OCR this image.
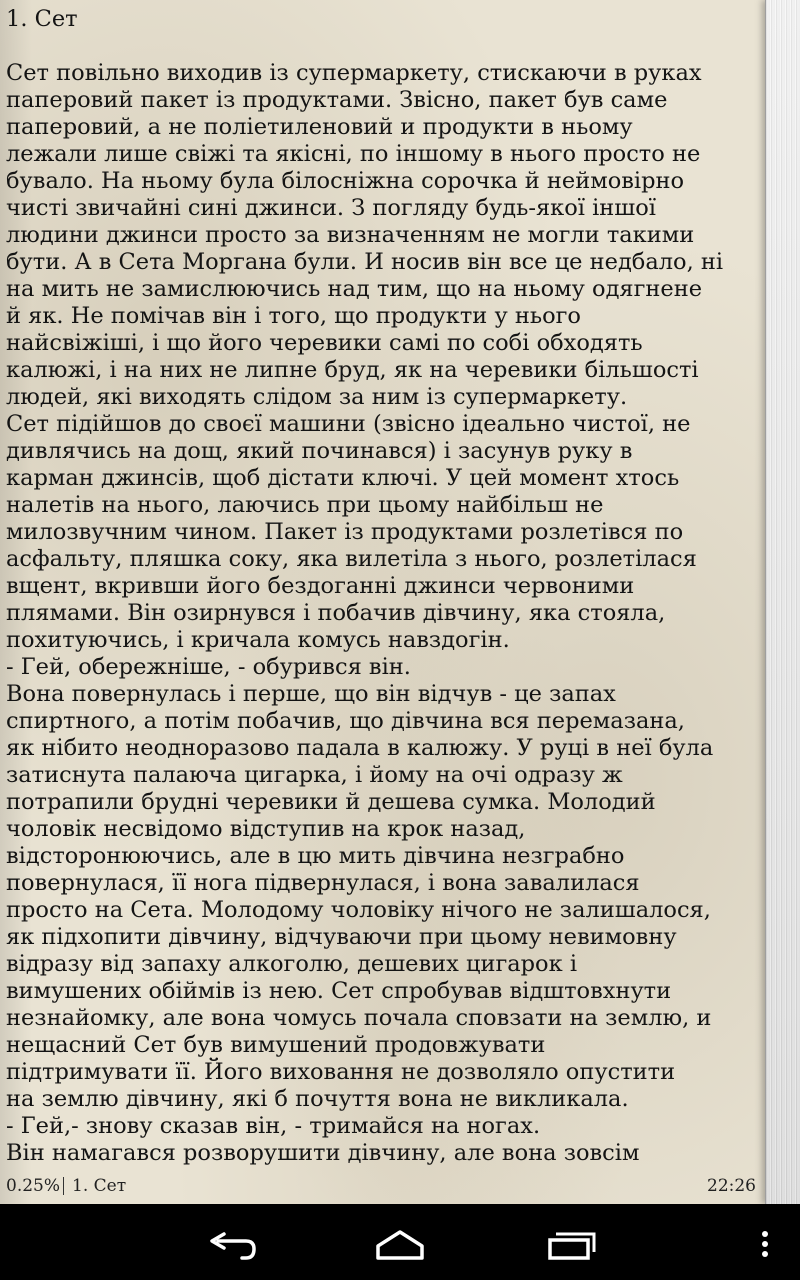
1. Сет
Сет повільно виходив із супермаркету, стискаючи в руках
паперовий пакет із продуктами. Звісно, пакет був саме
паперовий, а не поліетиленовий и продукти в ньому
лежали лише свіжі та якісні, по іншому в нього просто не
бувало. На ньому була білосніжна сорочка й неймовірно
чисті звичайні сині джинси. З погляду будь-якої іншої
людини джинси просто за визначенням не могли такими
бути. А в Сета Моргана були. И носив він все це недбало, ні
на мить не замислюючись над тим, що на ньому одягнене
й як. Не помічав він і того, що продукти у нього
найсвіжіші, і що його черевики самі по собі обходять
калюжі, і на них не липне бруд, як на черевики більшості
людей, які виходять слідом за ним із супермаркету.
Сет підійшов до своєї машини (звісно ідеально чистої, не
дивлячись на дощ, який починався) і засунув руку в
карман джинсів, щоб дістати ключі. У цей момент хтось
налетів на нього, лаючись при цьому найбільш не
милозвучним чином. Пакет із продуктами розлетівся по
асфальту, пляшка соку, яка вилетіла з нього, розлетілася
вщент, вкривши його бездоганні джинси червоними
плямами. Він озирнувся і побачив дівчину, яка стояла,
похитуючись, і кричала комусь навздогін.
- Гей, обережніше, - обурився він.
Вона повернулась і перше, що він відчув - це запах
спиртного, а потім побачив, що дівчина вся перемазана,
як нібито неодноразово падала в калюжу. У руці в неї була
затиснута палаюча цигарка, і йому на очі одразу ж
потрапили брудні черевики й дешева сумка. Молодий
чоловік несвідомо відступив на крок назад,
відсторонюючись, але в цю мить дівчина незграбно
повернулася, її нога підвернулася, і вона завалилася
просто на Сета. Молодому чоловіку нічого не залишалося,
як підхопити дівчину, відчуваючи при цьому невимовну
відразу від запаху алкоголю, дешевих цигарок і
вимушених обіймів із нею. Сет спробував відштовхнути
незнайомку, але вона чомусь почала сповзати на землю, и
нещасний Сет був вимушений продовжувати
підтримувати її. Його виховання не дозволяло опустити
на землю дівчину, які б почуття вона не викликала.
- Гей,- знову сказав він, - тримайся на ногах.
Він намагався розворушити дівчину, але вона зовсім
0.25% 1. Сет	22:26
